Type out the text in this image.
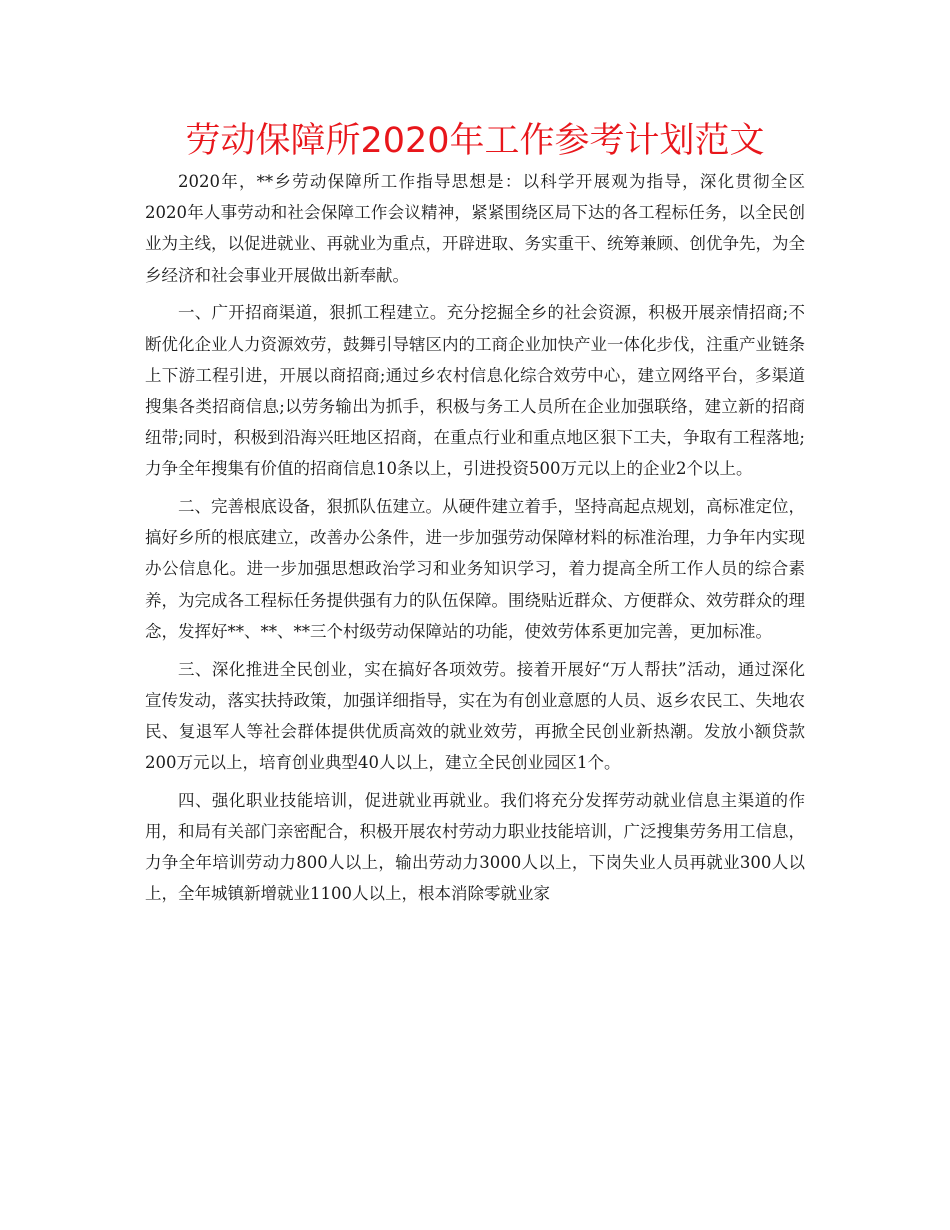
劳动保障所2020年工作参考计划范文

2020年，**乡劳动保障所工作指导思想是：以科学开展观为指导，深化贯彻全区2020年人事劳动和社会保障工作会议精神，紧紧围绕区局下达的各工程标任务，以全民创业为主线，以促进就业、再就业为重点，开辟进取、务实重干、统筹兼顾、创优争先，为全乡经济和社会事业开展做出新奉献。

一、广开招商渠道，狠抓工程建立。充分挖掘全乡的社会资源，积极开展亲情招商;不断优化企业人力资源效劳，鼓舞引导辖区内的工商企业加快产业一体化步伐，注重产业链条上下游工程引进，开展以商招商;通过乡农村信息化综合效劳中心，建立网络平台，多渠道搜集各类招商信息;以劳务输出为抓手，积极与务工人员所在企业加强联络，建立新的招商纽带;同时，积极到沿海兴旺地区招商，在重点行业和重点地区狠下工夫，争取有工程落地;力争全年搜集有价值的招商信息10条以上，引进投资500万元以上的企业2个以上。

二、完善根底设备，狠抓队伍建立。从硬件建立着手，坚持高起点规划，高标准定位，搞好乡所的根底建立，改善办公条件，进一步加强劳动保障材料的标准治理，力争年内实现办公信息化。进一步加强思想政治学习和业务知识学习，着力提高全所工作人员的综合素养，为完成各工程标任务提供强有力的队伍保障。围绕贴近群众、方便群众、效劳群众的理念，发挥好**、**、**三个村级劳动保障站的功能，使效劳体系更加完善，更加标准。

三、深化推进全民创业，实在搞好各项效劳。接着开展好“万人帮扶”活动，通过深化宣传发动，落实扶持政策，加强详细指导，实在为有创业意愿的人员、返乡农民工、失地农民、复退军人等社会群体提供优质高效的就业效劳，再掀全民创业新热潮。发放小额贷款200万元以上，培育创业典型40人以上，建立全民创业园区1个。

四、强化职业技能培训，促进就业再就业。我们将充分发挥劳动就业信息主渠道的作用，和局有关部门亲密配合，积极开展农村劳动力职业技能培训，广泛搜集劳务用工信息，力争全年培训劳动力800人以上，输出劳动力3000人以上，下岗失业人员再就业300人以上，全年城镇新增就业1100人以上，根本消除零就业家
